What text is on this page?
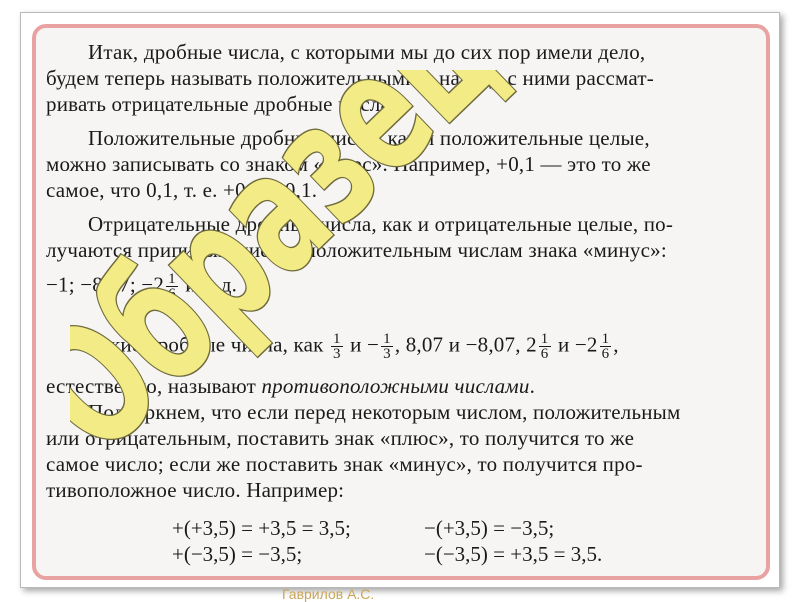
Итак, дробные числа, с которыми мы до сих пор имели дело,
будем теперь называть положительными и наряду с ними рассмат-
ривать отрицательные дробные числа.
Положительные дробные числа, как и положительные целые,
можно записывать со знаком «плюс». Например, +0,1 — это то же
самое, что 0,1, т. е. +0,1 = 0,1.
Отрицательные дробные числа, как и отрицательные целые, по-
лучаются приписыванием к положительным числам знака «минус»:
−1; −8,07; $-2 \frac{1}{6}$ и т. д.
Такие дробные числа, как $\frac{1}{3}$ $и - \frac{1}{3}$ , 8,07 и −8,07, $2 \frac{1}{6}$ $и -2 \frac{1}{6}$ ,
естественно, называют противоположными числами.
Подчеркнем, что если перед некоторым числом, положительным
или отрицательным, поставить знак «плюс», то получится то же
самое число; если же поставить знак «минус», то получится про-
тивоположное число. Например:
+(+3,5) = +3,5 = 3,5;	−(+3,5) = −3,5;
+(−3,5) = −3,5;	−(−3,5) = +3,5 = 3,5.
Гаврилов А.С.
